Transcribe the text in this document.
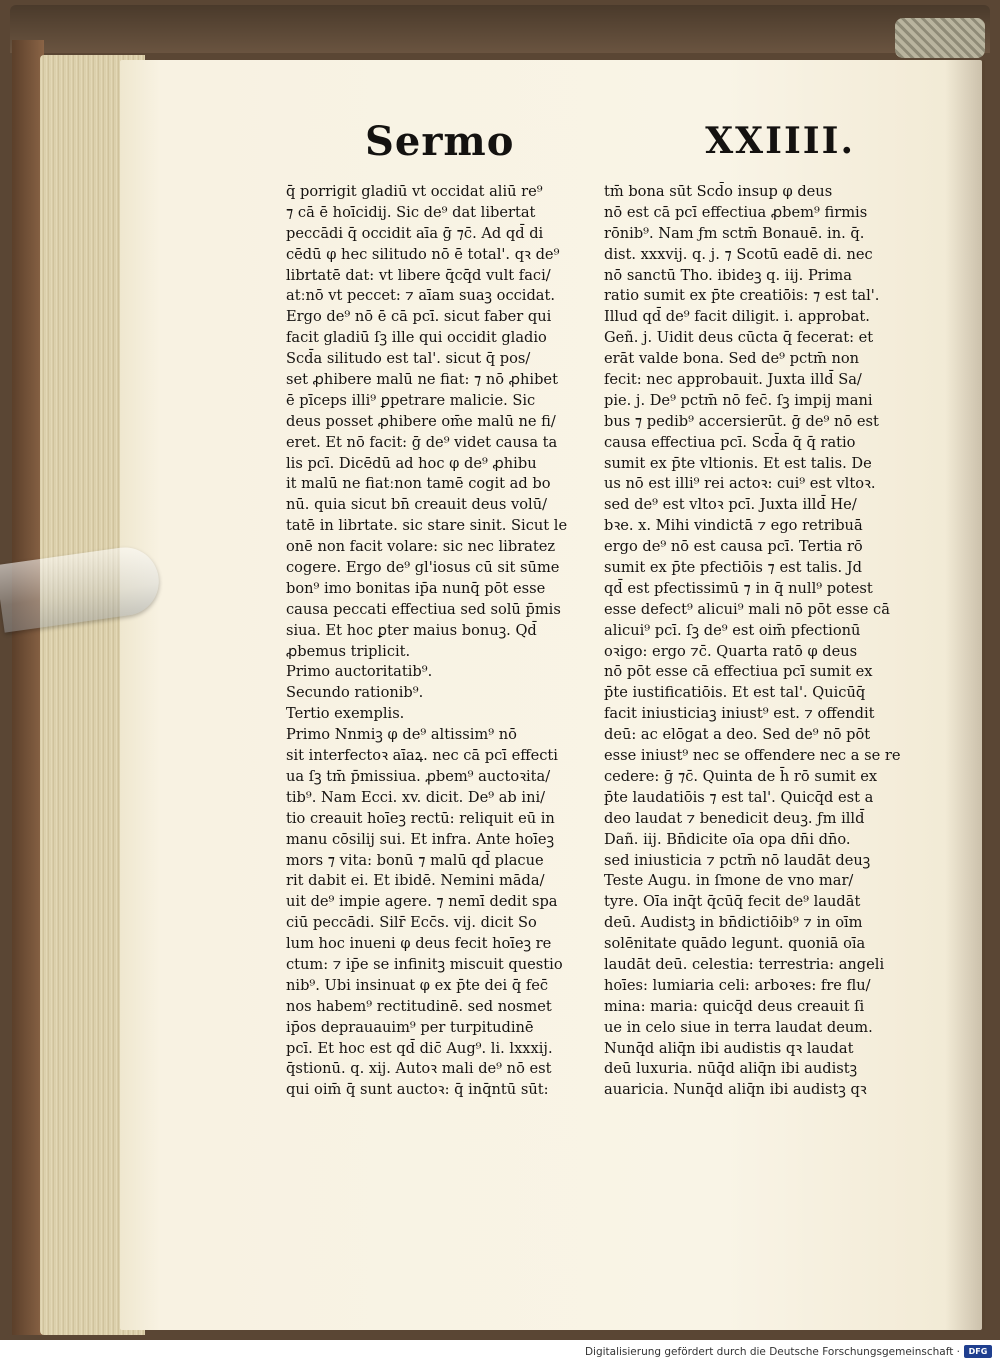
Sermo	XXIIII.
q̄ porrigit gladiū vt occidat aliū re⁹
⁊ cā ē hoīcidij. Sic de⁹ dat libertat
peccādi q̄ occidit aīa ḡ ⁊c̄. Ad qd̄ di
cēdū φ hec silitudo nō ē total'. qꝛ de⁹
librtatē dat: vt libere q̄cq̄d vult faci/
atːnō vt peccet: ⁊ aīam suaꝫ occidat.
Ergo de⁹ nō ē cā pcī. sicut faber qui
facit gladiū ſꝫ ille qui occidit gladio
Scd̄a silitudo est tal'. sicut q̄ pos/
set ꝓhibere malū ne fiat: ⁊ nō ꝓhibet
ē pīceps illi⁹ ꝑpetrare malicie. Sic
deus posset ꝓhibere om̄e malū ne fi/
eret. Et nō facit: ḡ de⁹ videt causa ta
lis pcī. Dicēdū ad hoc φ de⁹ ꝓhibu
it malū ne fiatːnon tamē cogit ad bo
nū. quia sicut bn̄ creauit deus volū/
tatē in librtate. sic stare sinit. Sicut le
onē non facit volare: sic nec libratez
cogere. Ergo de⁹ gl'iosus cū sit sūme
bon⁹ imo bonitas ip̄a nunq̄ pōt esse
causa peccati effectiua sed solū p̄mis
siua. Et hoc ꝑter maius bonuꝫ. Qd̄
ꝓbemus triplicit.
Primo auctoritatib⁹.
Secundo rationib⁹.
Tertio exemplis.
Primo Nnmiꝫ φ de⁹ altissim⁹ nō
sit interfectoꝛ aīaꝝ. nec cā pcī effecti
ua ſꝫ tm̄ p̄missiua. ꝓbem⁹ auctoꝛita/
tib⁹. Nam Ecci. xv. dicit. De⁹ ab ini/
tio creauit hoīeꝫ rectū: reliquit eū in
manu cōsilij sui. Et infra. Ante hoīeꝫ
mors ⁊ vita: bonū ⁊ malū qd̄ placue
rit dabit ei. Et ibidē. Nemini māda/
uit de⁹ impie agere. ⁊ nemī dedit spa
ciū peccādi. Silr̄ Ecc̄s. vij. dicit So
lum hoc inueni φ deus fecit hoīeꝫ re
ctum: ⁊ ip̄e se infinitꝫ miscuit questio
nib⁹. Ubi insinuat φ ex p̄te dei q̄ fec̄
nos habem⁹ rectitudinē. sed nosmet
ip̄os deprauauim⁹ per turpitudinē
pcī. Et hoc est qd̄ dic̄ Aug⁹. li. lxxxij.
q̄stionū. q. xij. Autoꝛ mali de⁹ nō est
qui oim̄ q̄ sunt auctoꝛ: q̄ inq̄ntū sūt:
tm̄ bona sūt Scd̄o insup φ deus
nō est cā pcī effectiua ꝓbem⁹ firmis
rōnib⁹. Nam ƒm sctm̄ Bonauē. in. q̄.
dist. xxxvij. q. j. ⁊ Scotū eadē di. nec
nō sanctū Tho. ibideꝫ q. iij. Prima
ratio sumit ex p̄te creatiōis: ⁊ est tal'.
Illud qd̄ de⁹ facit diligit. i. approbat.
Geñ. j. Uidit deus cūcta q̄ fecerat: et
erāt valde bona. Sed de⁹ pctm̄ non
fecit: nec approbauit. Juxta illd̄ Sa/
pie. j. De⁹ pctm̄ nō fec̄. ſꝫ impij mani
bus ⁊ pedib⁹ accersierūt. ḡ de⁹ nō est
causa effectiua pcī. Scd̄a q̄ q̄ ratio
sumit ex p̄te vltionis. Et est talis. De
us nō est illi⁹ rei actoꝛ: cui⁹ est vltoꝛ.
sed de⁹ est vltoꝛ pcī. Juxta illd̄ He/
bꝛe. x. Mihi vindictā ⁊ ego retribuā
ergo de⁹ nō est causa pcī. Tertia rō
sumit ex p̄te pfectiōis ⁊ est talis. Jd
qd̄ est pfectissimū ⁊ in q̄ null⁹ potest
esse defect⁹ alicui⁹ mali nō pōt esse cā
alicui⁹ pcī. ſꝫ de⁹ est oim̄ pfectionū
oꝛigo: ergo ⁊c̄. Quarta ratō φ deus
nō pōt esse cā effectiua pcī sumit ex
p̄te iustificatiōis. Et est tal'. Quicūq̄
facit iniusticiaꝫ iniust⁹ est. ⁊ offendit
deū: ac elōgat a deo. Sed de⁹ nō pōt
esse iniust⁹ nec se offendere nec a se re
cedere: ḡ ⁊c̄. Quinta de h̄ rō sumit ex
p̄te laudatiōis ⁊ est tal'. Quicq̄d est a
deo laudat ⁊ benedicit deuꝫ. ƒm illd̄
Dañ. iij. Bn̄dicite oīa opa dn̄i dn̄o.
sed iniusticia ⁊ pctm̄ nō laudāt deuꝫ
Teste Augu. in ſmone de vno mar/
tyre. Oīa inq̄t q̄cūq̄ fecit de⁹ laudāt
deū. Audistꝫ in bn̄dictiōib⁹ ⁊ in oīm
solēnitate quādo legunt. quoniā oīa
laudāt deū. celestia: terrestria: angeli
hoīes: lumiaria celi: arboꝛes: fre flu/
mina: maria: quicq̄d deus creauit ſi
ue in celo siue in terra laudat deum.
Nunq̄d aliq̄n ibi audistis qꝛ laudat
deū luxuria. nūq̄d aliq̄n ibi audistꝫ
auaricia. Nunq̄d aliq̄n ibi audistꝫ qꝛ
Digitalisierung gefördert durch die Deutsche Forschungsgemeinschaft ·	DFG
